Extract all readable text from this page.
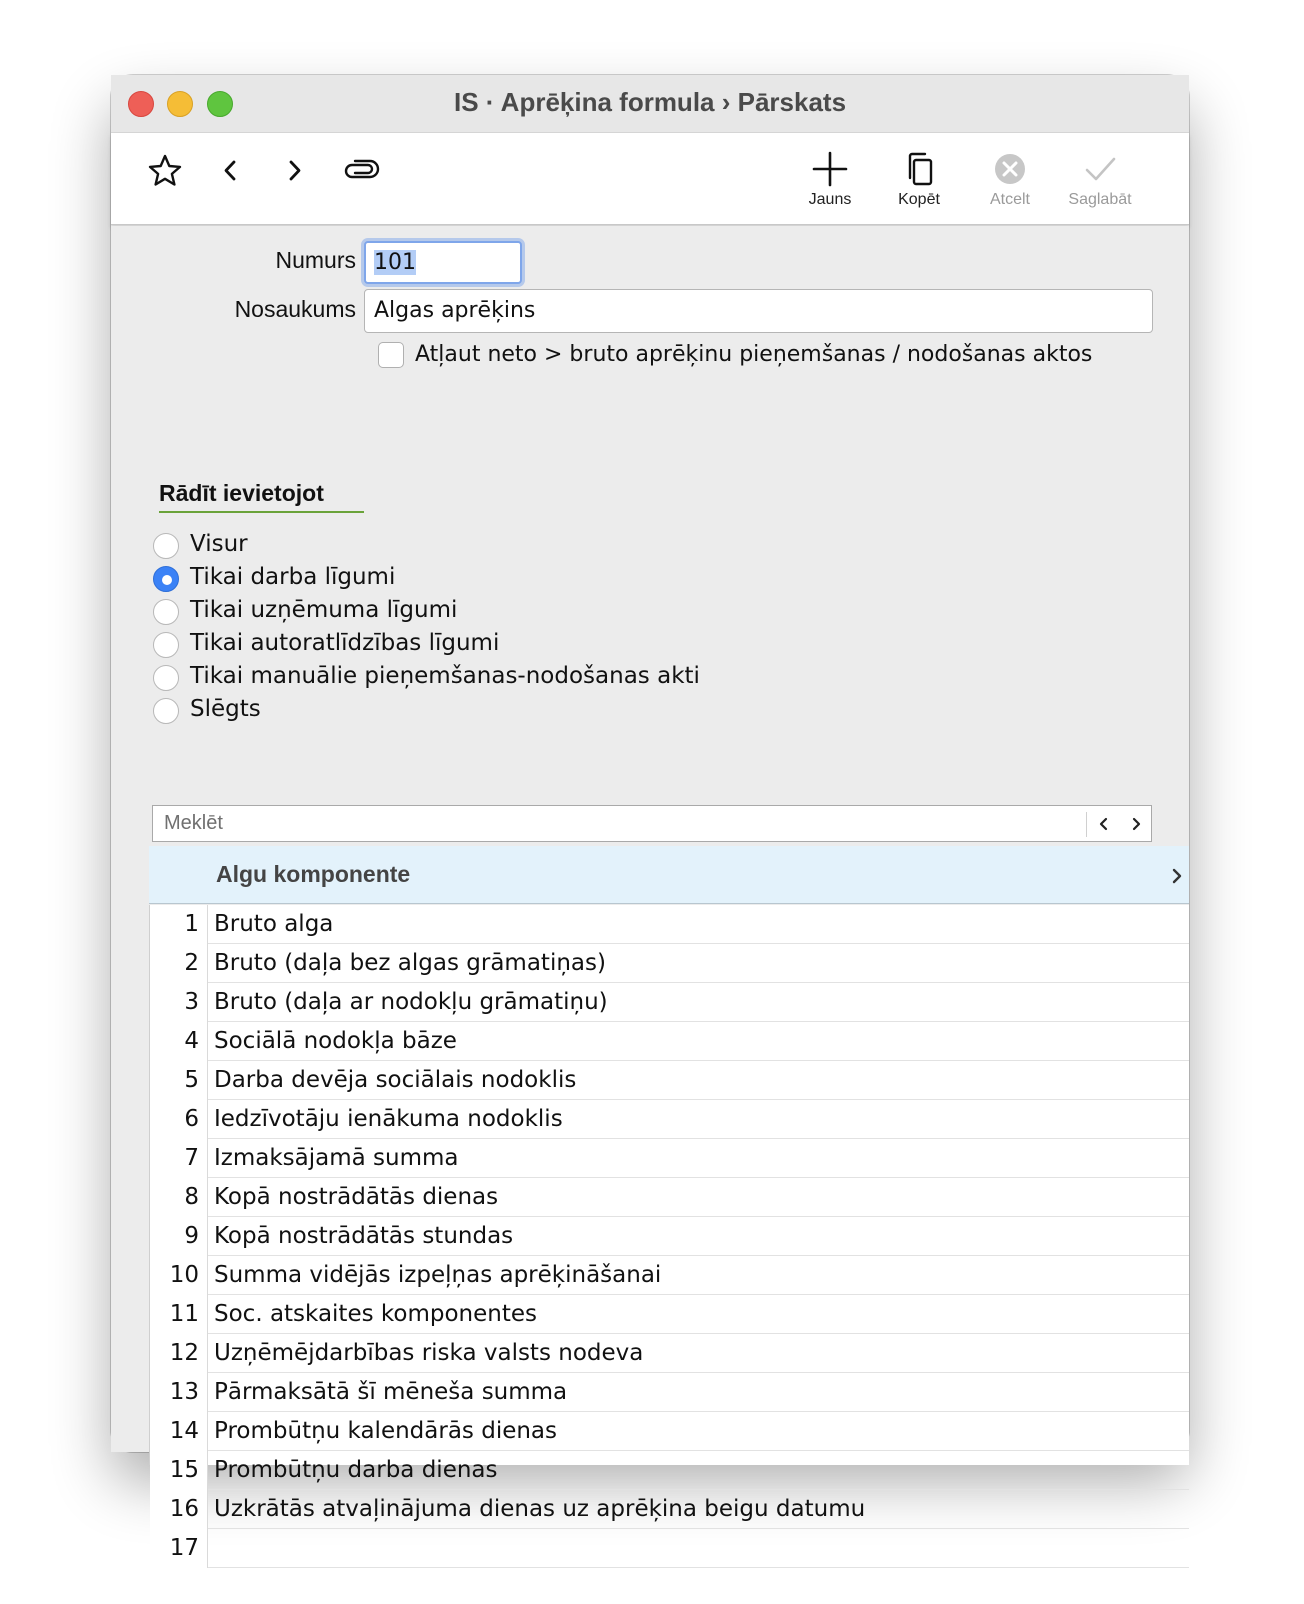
IS · Aprēķina formula › Pārskats
Jauns	Kopēt	Atcelt	Saglabāt
Numurs 101
Nosaukums Algas aprēķins
Atļaut neto > bruto aprēķinu pieņemšanas / nodošanas aktos
Rādīt ievietojot
Visur
Tikai darba līgumi
Tikai uzņēmuma līgumi
Tikai autoratlīdzības līgumi
Tikai manuālie pieņemšanas-nodošanas akti
Slēgts
Meklēt
Algu komponente
1 Bruto alga
2 Bruto (daļa bez algas grāmatiņas)
3 Bruto (daļa ar nodokļu grāmatiņu)
4 Sociālā nodokļa bāze
5 Darba devēja sociālais nodoklis
6 Iedzīvotāju ienākuma nodoklis
7 Izmaksājamā summa
8 Kopā nostrādātās dienas
9 Kopā nostrādātās stundas
10 Summa vidējās izpeļņas aprēķināšanai
11 Soc. atskaites komponentes
12 Uzņēmējdarbības riska valsts nodeva
13 Pārmaksātā šī mēneša summa
14 Prombūtņu kalendārās dienas
15 Prombūtņu darba dienas
16 Uzkrātās atvaļinājuma dienas uz aprēķina beigu datumu
17
